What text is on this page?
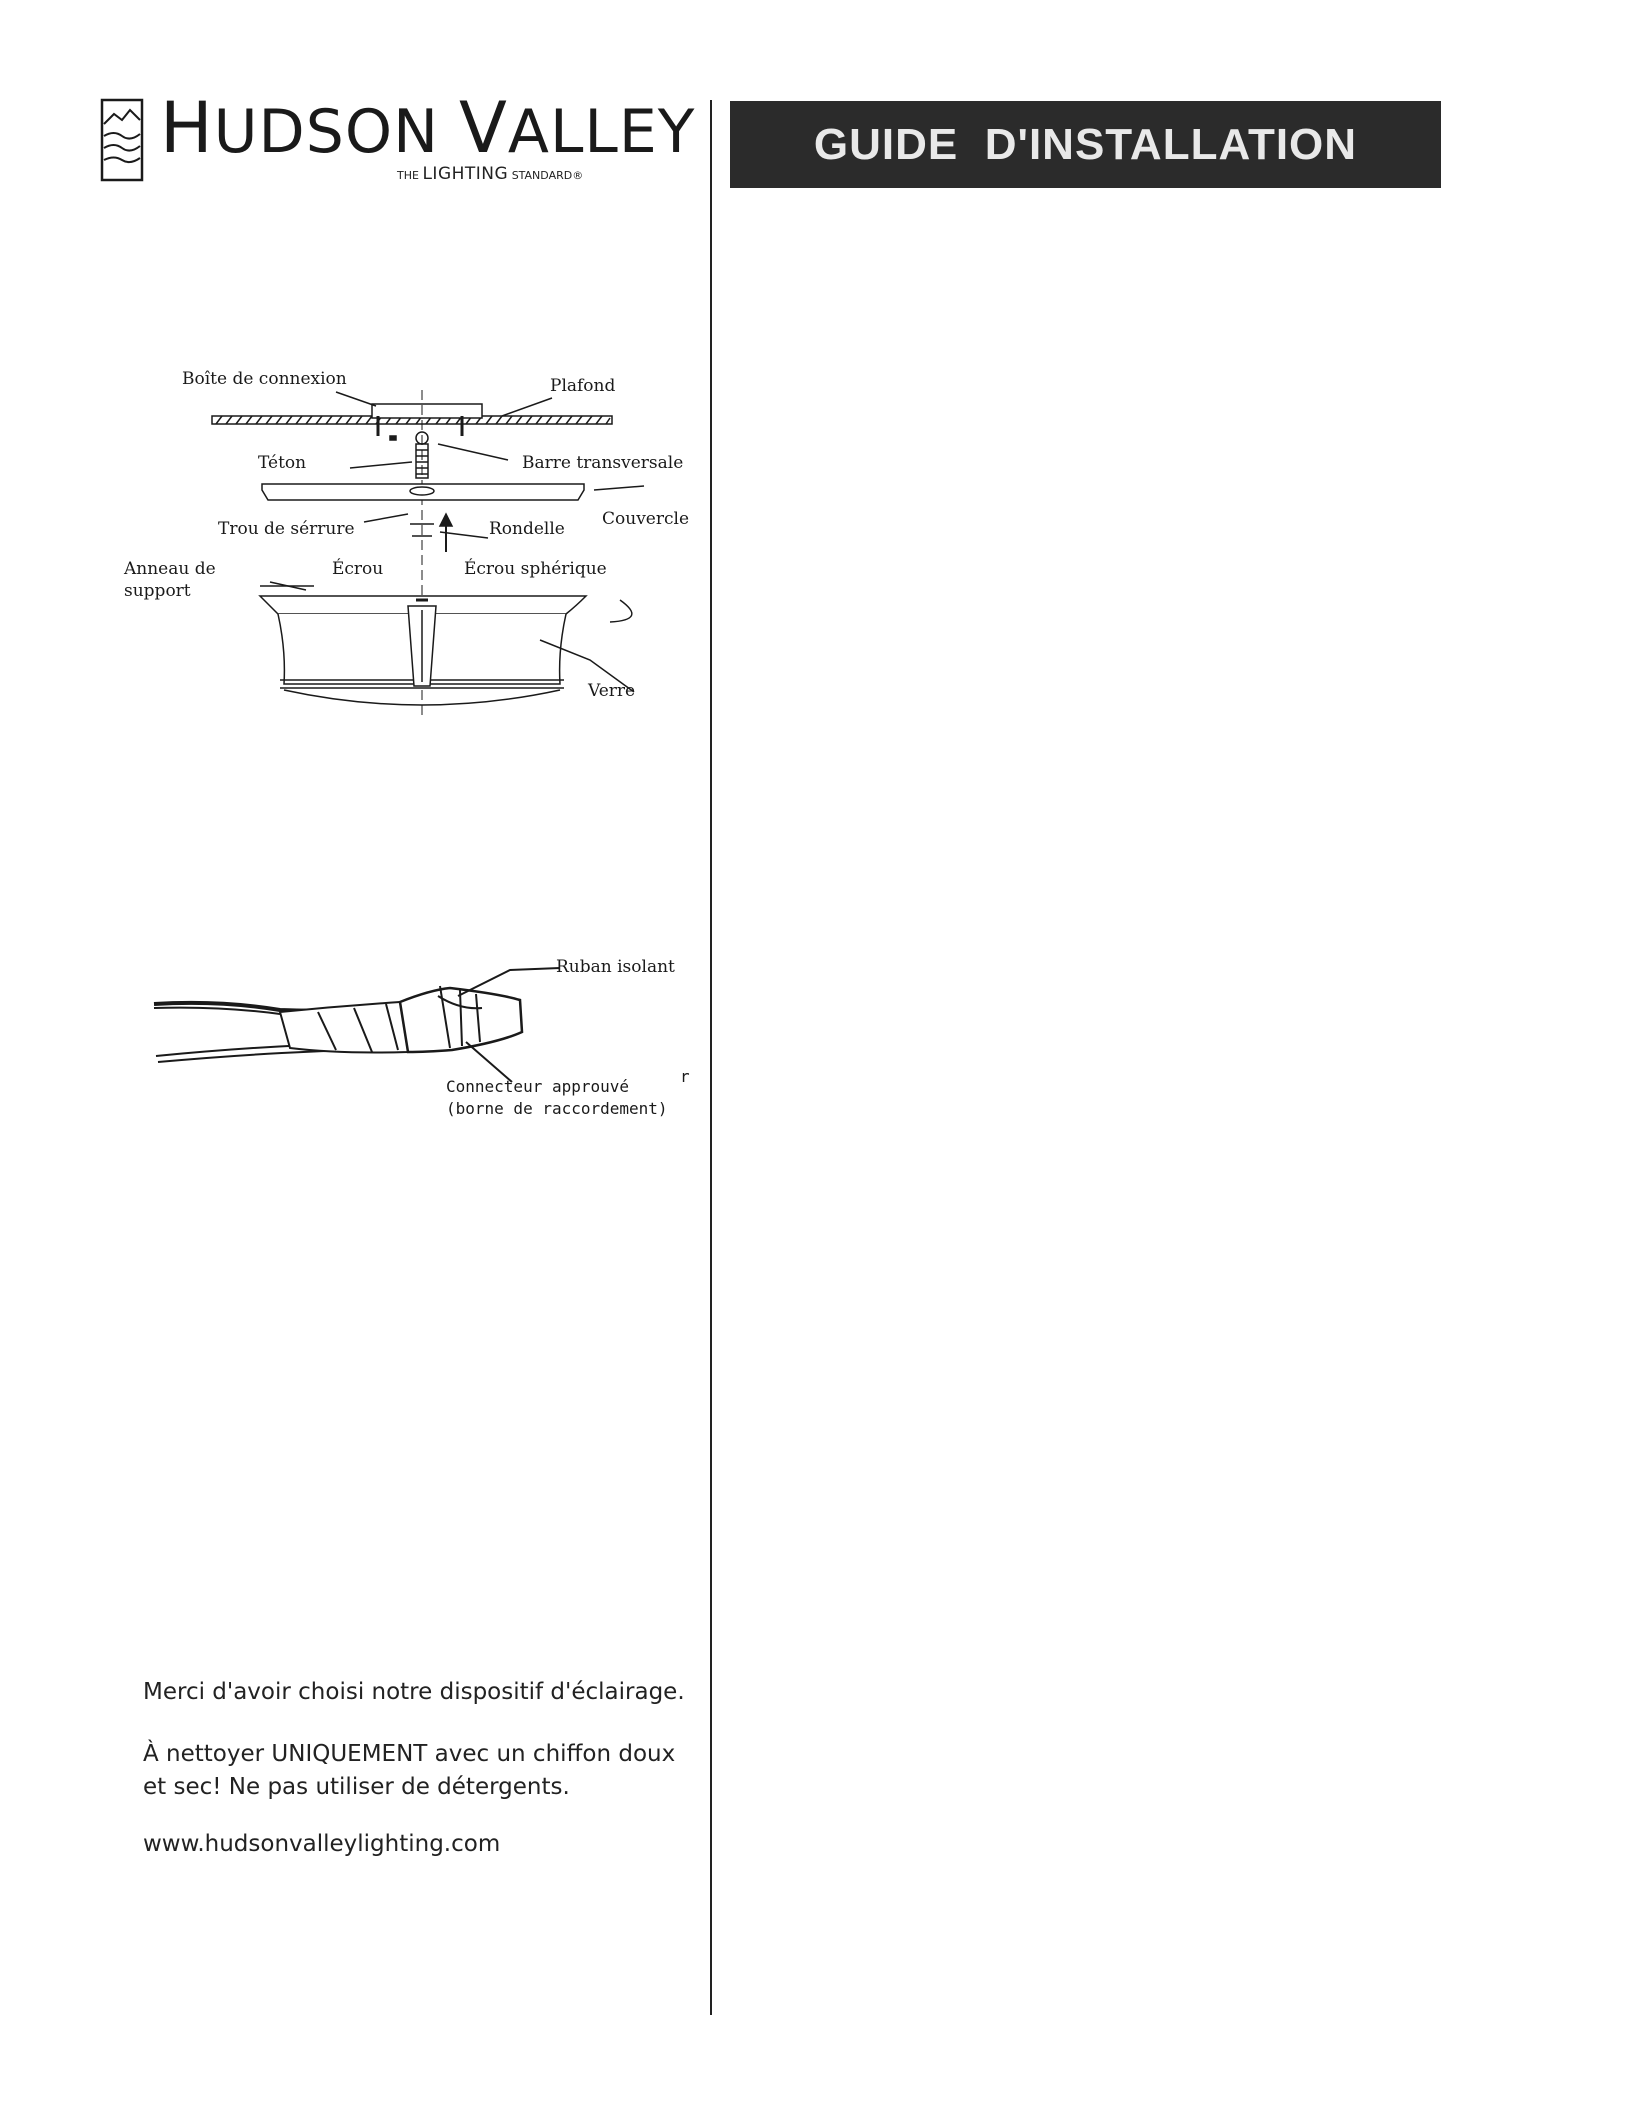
HUDSON VALLEY
THE LIGHTING STANDARD®
GUIDE  D'INSTALLATION
Boîte de connexion	Plafond
Téton	Barre transversale
Couvercle
Trou de sérrure	Rondelle
Anneau de
support
Écrou	Écrou sphérique
Verre
Ruban isolant
Connecteur approuvé
(borne de raccordement)
r

Merci d'avoir choisi notre dispositif d'éclairage.

À nettoyer UNIQUEMENT avec un chiffon doux
et sec! Ne pas utiliser de détergents.

www.hudsonvalleylighting.com
